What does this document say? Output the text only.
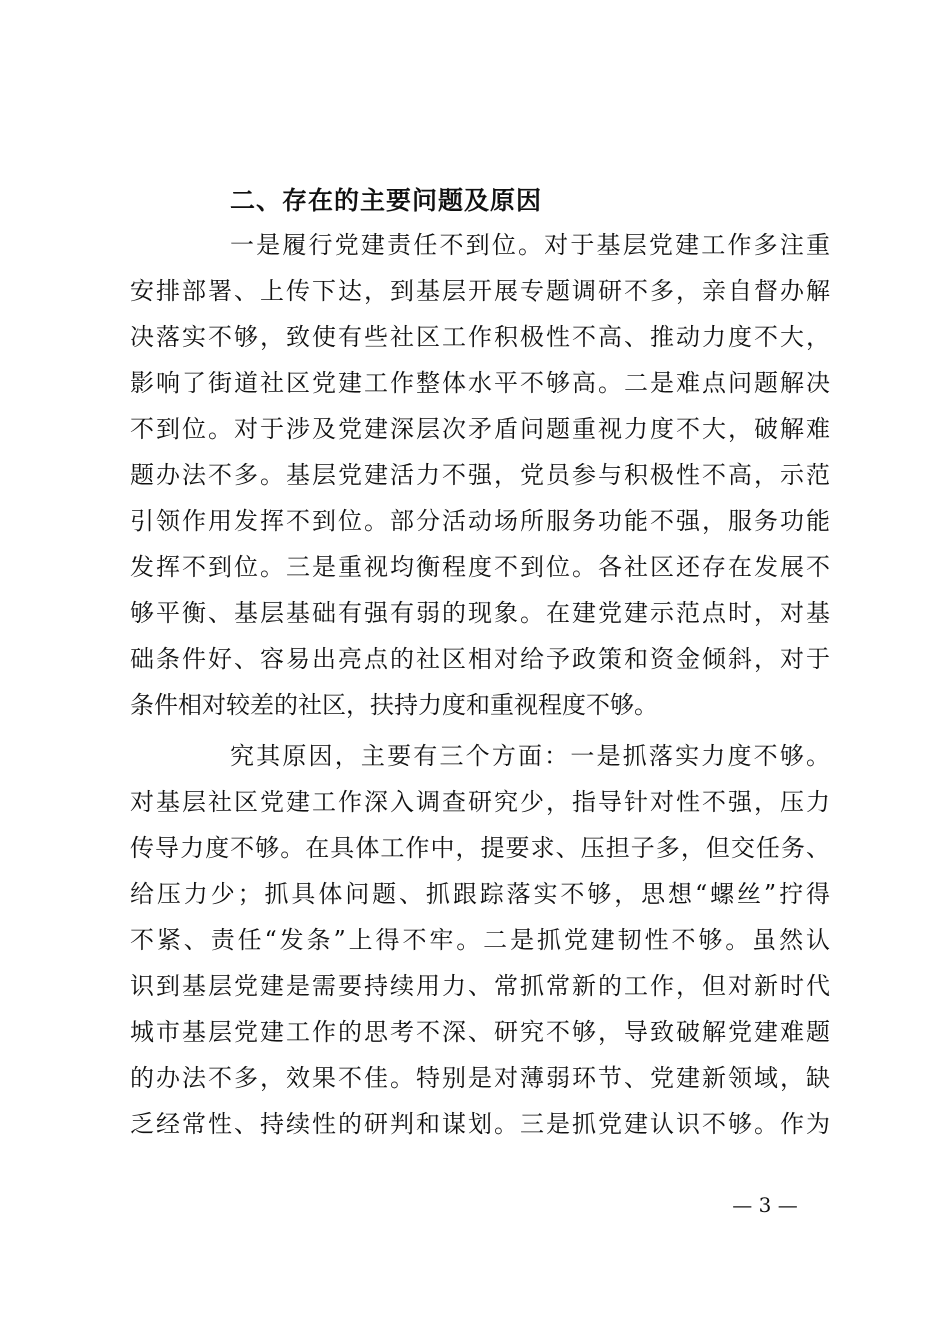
二、存在的主要问题及原因
一是履行党建责任不到位。对于基层党建工作多注重
安排部署、上传下达，到基层开展专题调研不多，亲自督办解
决落实不够，致使有些社区工作积极性不高、推动力度不大，
影响了街道社区党建工作整体水平不够高。二是难点问题解决
不到位。对于涉及党建深层次矛盾问题重视力度不大，破解难
题办法不多。基层党建活力不强，党员参与积极性不高，示范
引领作用发挥不到位。部分活动场所服务功能不强，服务功能
发挥不到位。三是重视均衡程度不到位。各社区还存在发展不
够平衡、基层基础有强有弱的现象。在建党建示范点时，对基
础条件好、容易出亮点的社区相对给予政策和资金倾斜，对于
条件相对较差的社区，扶持力度和重视程度不够。
究其原因，主要有三个方面：一是抓落实力度不够。
对基层社区党建工作深入调查研究少，指导针对性不强，压力
传导力度不够。在具体工作中，提要求、压担子多，但交任务、
给压力少；抓具体问题、抓跟踪落实不够，思想“螺丝”拧得
不紧、责任“发条”上得不牢。二是抓党建韧性不够。虽然认
识到基层党建是需要持续用力、常抓常新的工作，但对新时代
城市基层党建工作的思考不深、研究不够，导致破解党建难题
的办法不多，效果不佳。特别是对薄弱环节、党建新领域，缺
乏经常性、持续性的研判和谋划。三是抓党建认识不够。作为
— 3 —
